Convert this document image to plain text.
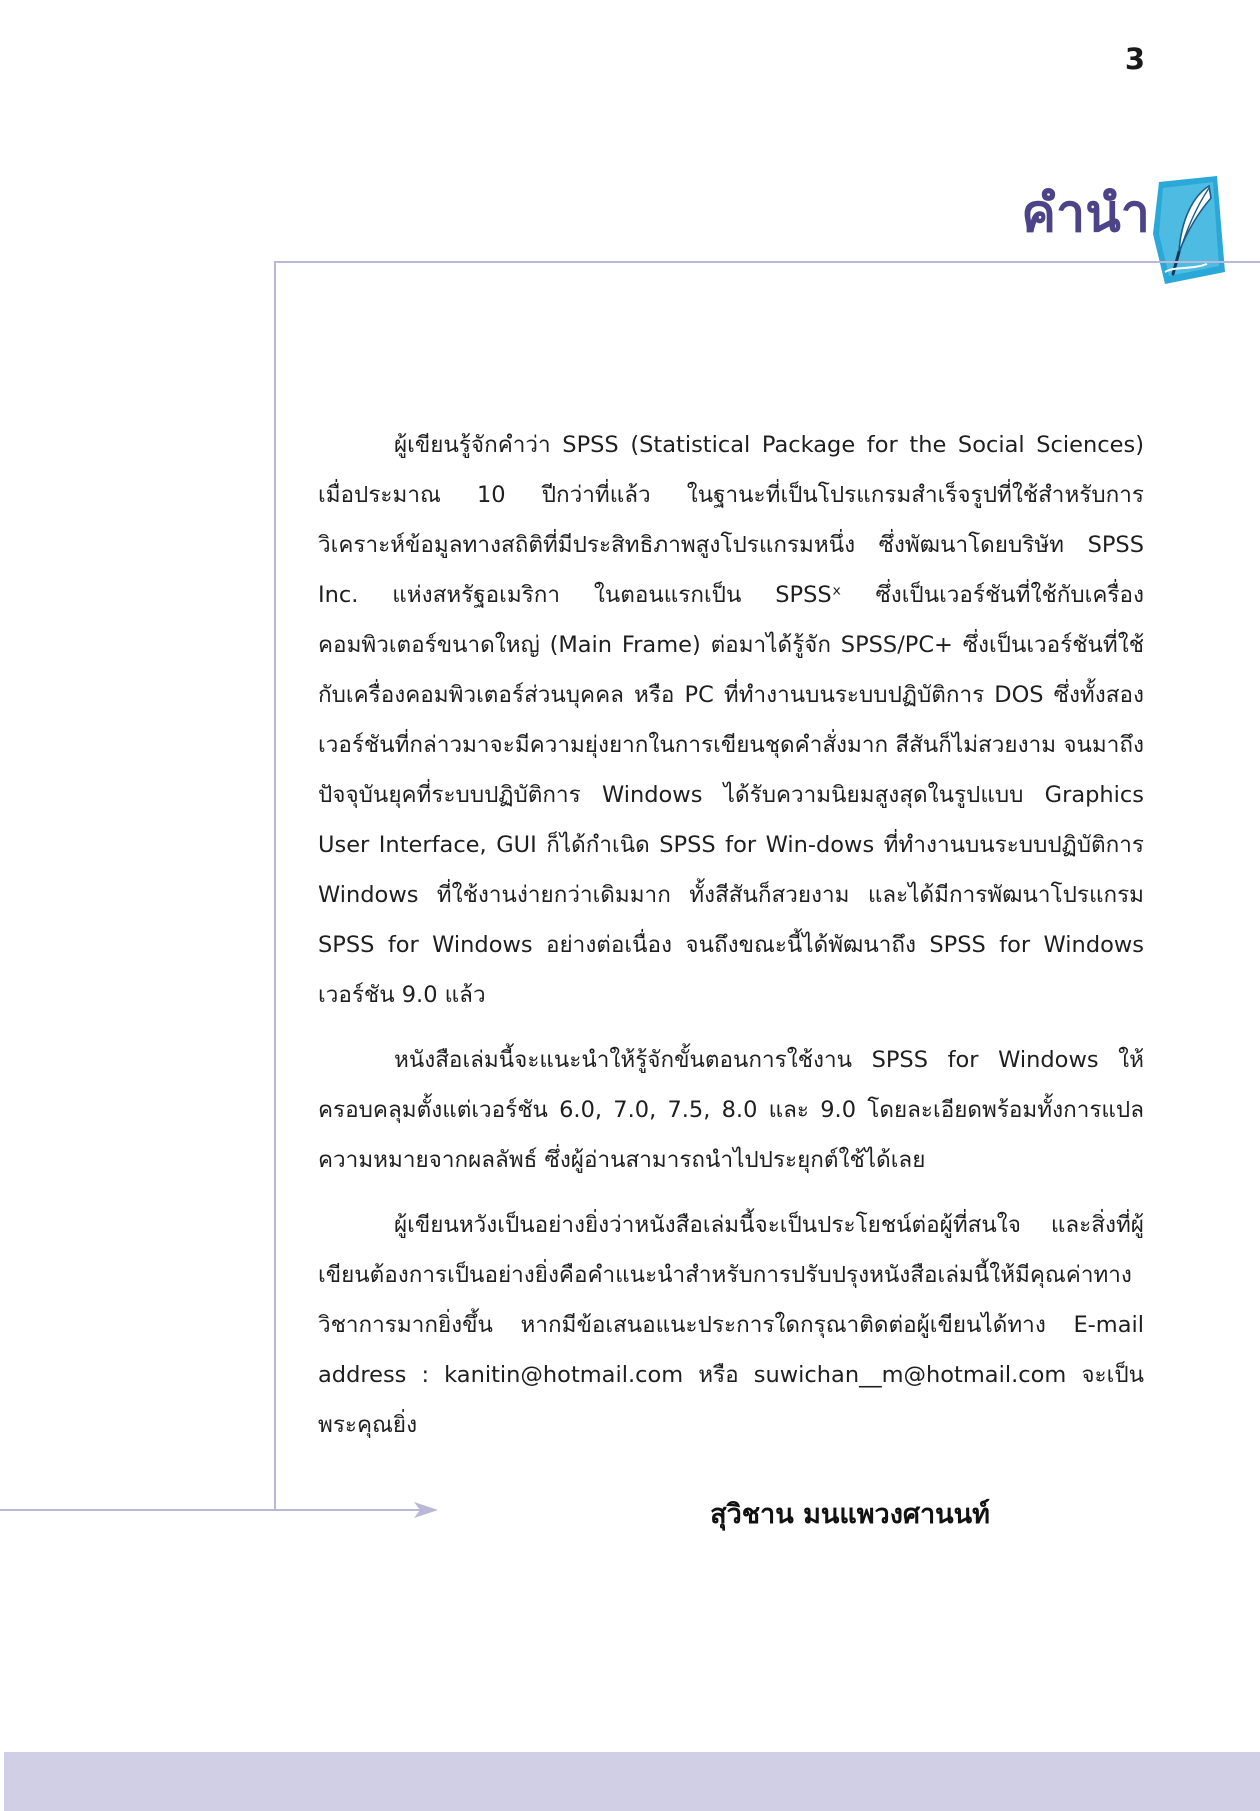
3
คำนำ

ผู้เขียนรู้จักคำว่า SPSS (Statistical Package for the Social Sciences) เมื่อประมาณ 10 ปีกว่าที่แล้ว ในฐานะที่เป็นโปรแกรมสำเร็จรูปที่ใช้สำหรับการวิเคราะห์ข้อมูลทางสถิติที่มีประสิทธิภาพสูงโปรแกรมหนึ่ง ซึ่งพัฒนาโดยบริษัท SPSS Inc. แห่งสหรัฐอเมริกา ในตอนแรกเป็น SPSSˣ ซึ่งเป็นเวอร์ชันที่ใช้กับเครื่องคอมพิวเตอร์ขนาดใหญ่ (Main Frame) ต่อมาได้รู้จัก SPSS/PC+ ซึ่งเป็นเวอร์ชันที่ใช้กับเครื่องคอมพิวเตอร์ส่วนบุคคล หรือ PC ที่ทำงานบนระบบปฏิบัติการ DOS ซึ่งทั้งสองเวอร์ชันที่กล่าวมาจะมีความยุ่งยากในการเขียนชุดคำสั่งมาก สีสันก็ไม่สวยงาม จนมาถึงปัจจุบันยุคที่ระบบปฏิบัติการ Windows ได้รับความนิยมสูงสุดในรูปแบบ Graphics User Interface, GUI ก็ได้กำเนิด SPSS for Win-dows ที่ทำงานบนระบบปฏิบัติการ Windows ที่ใช้งานง่ายกว่าเดิมมาก ทั้งสีสันก็สวยงาม และได้มีการพัฒนาโปรแกรม SPSS for Windows อย่างต่อเนื่อง จนถึงขณะนี้ได้พัฒนาถึง SPSS for Windows เวอร์ชัน 9.0 แล้ว

หนังสือเล่มนี้จะแนะนำให้รู้จักขั้นตอนการใช้งาน SPSS for Windows ให้ครอบคลุมตั้งแต่เวอร์ชัน 6.0, 7.0, 7.5, 8.0 และ 9.0 โดยละเอียดพร้อมทั้งการแปลความหมายจากผลลัพธ์ ซึ่งผู้อ่านสามารถนำไปประยุกต์ใช้ได้เลย

ผู้เขียนหวังเป็นอย่างยิ่งว่าหนังสือเล่มนี้จะเป็นประโยชน์ต่อผู้ที่สนใจ และสิ่งที่ผู้เขียนต้องการเป็นอย่างยิ่งคือคำแนะนำสำหรับการปรับปรุงหนังสือเล่มนี้ให้มีคุณค่าทางวิชาการมากยิ่งขึ้น หากมีข้อเสนอแนะประการใดกรุณาติดต่อผู้เขียนได้ทาง E-mail address : kanitin@hotmail.com หรือ suwichan__m@hotmail.com จะเป็นพระคุณยิ่ง

สุวิชาน มนแพวงศานนท์
